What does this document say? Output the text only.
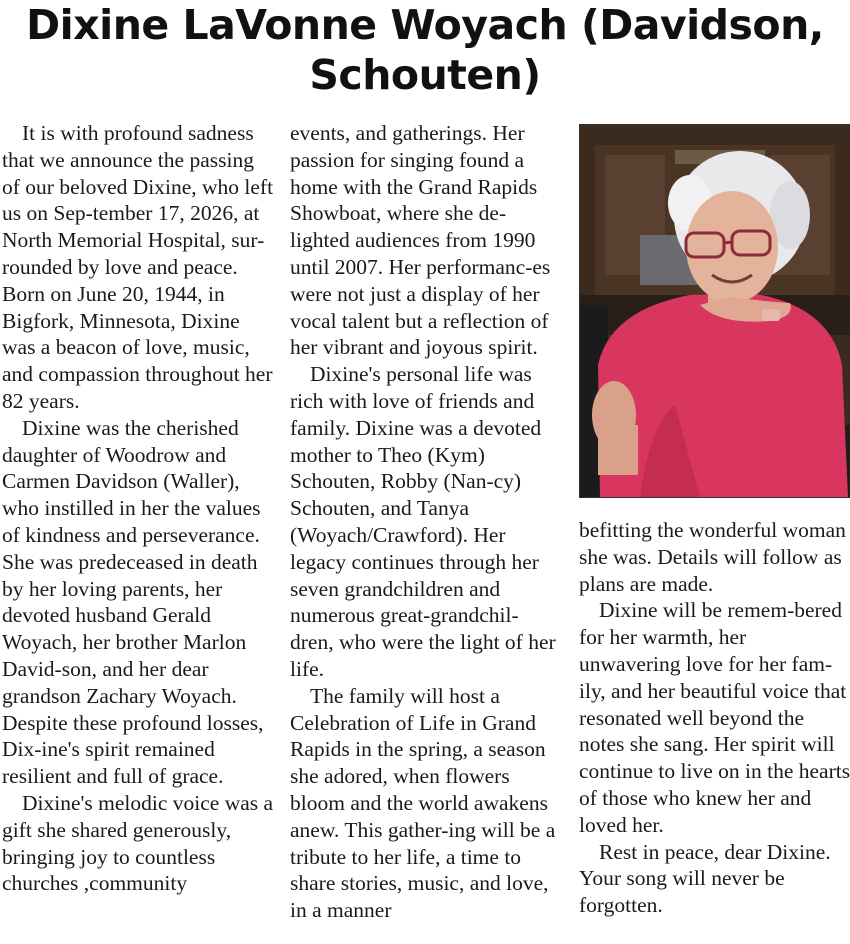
Dixine LaVonne Woyach (Davidson,
Schouten)

It is with profound sadness that we announce the passing of our beloved Dixine, who left us on Sep-tember 17, 2026, at North Memorial Hospital, sur-rounded by love and peace. Born on June 20, 1944, in Bigfork, Minnesota, Dixine was a beacon of love, music, and compassion throughout her 82 years.

Dixine was the cherished daughter of Woodrow and Carmen Davidson (Waller), who instilled in her the values of kindness and perseverance. She was predeceased in death by her loving parents, her devoted husband Gerald Woyach, her brother Marlon David-son, and her dear grandson Zachary Woyach. Despite these profound losses, Dix-ine's spirit remained resilient and full of grace.

Dixine's melodic voice was a gift she shared generously, bringing joy to countless churches ,community

events, and gatherings. Her passion for singing found a home with the Grand Rapids Showboat, where she de-lighted audiences from 1990 until 2007. Her performanc-es were not just a display of her vocal talent but a reflection of her vibrant and joyous spirit.

Dixine's personal life was rich with love of friends and family. Dixine was a devoted mother to Theo (Kym) Schouten, Robby (Nan-cy) Schouten, and Tanya (Woyach/Crawford). Her legacy continues through her seven grandchildren and numerous great-grandchil-dren, who were the light of her life.

The family will host a Celebration of Life in Grand Rapids in the spring, a season she adored, when flowers bloom and the world awakens anew. This gather-ing will be a tribute to her life, a time to share stories, music, and love, in a manner

befitting the wonderful woman she was. Details will follow as plans are made.

Dixine will be remem-bered for her warmth, her unwavering love for her fam-ily, and her beautiful voice that resonated well beyond the notes she sang. Her spirit will continue to live on in the hearts of those who knew her and loved her.

Rest in peace, dear Dixine. Your song will never be forgotten.
